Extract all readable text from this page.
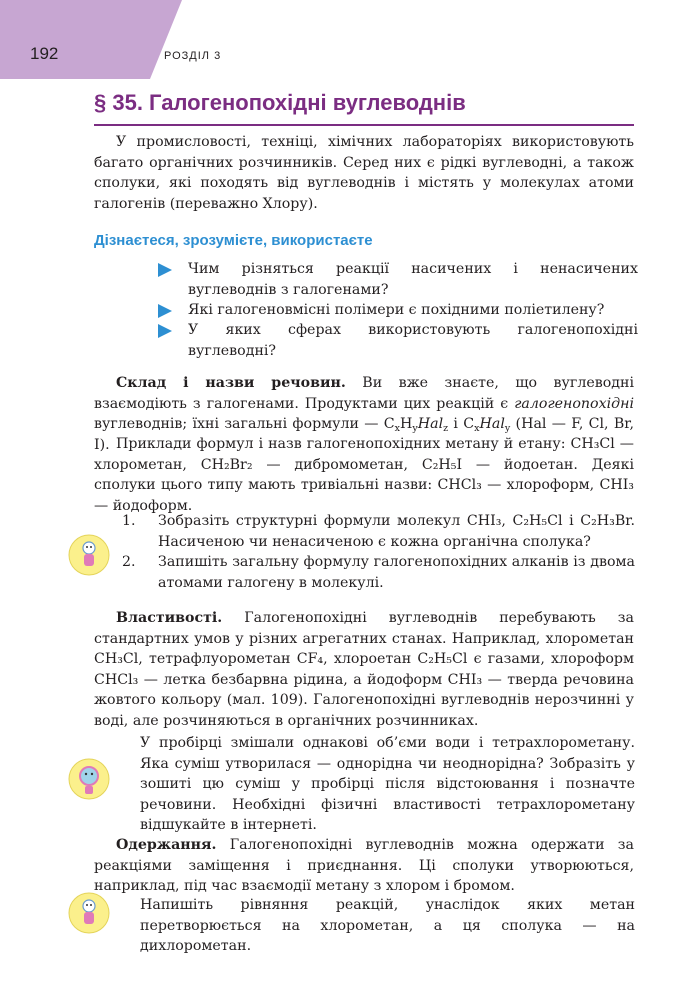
192	РОЗДІЛ 3
§ 35. Галогенопохідні вуглеводнів

У промисловості, техніці, хімічних лабораторіях використовують багато органічних розчинників. Серед них є рідкі вуглеводні, а також сполуки, які походять від вуглеводнів і містять у молекулах атоми галогенів (переважно Хлору).

Дізнаєтеся, зрозумієте, використаєте

Чим різняться реакції насичених і ненасичених вуглеводнів з галогенами?

Які галогеновмісні полімери є похідними поліетилену?

У яких сферах використовують галогенопохідні вуглеводні?

Склад і назви речовин. Ви вже знаєте, що вуглеводні взаємодіють з галогенами. Продуктами цих реакцій є галогенопохідні вуглеводнів; їхні загальні формули — $C_xH_yHal_z$ і $C_xHal_y$ (Hal — F, Cl, Br, I). Приклади формул і назв галогенопохідних метану й етану: CH₃Cl — хлорометан, CH₂Br₂ — дибромометан, C₂H₅I — йодоетан. Деякі сполуки цього типу мають тривіальні назви: CHCl₃ — хлороформ, CHI₃ — йодоформ.

1. Зобразіть структурні формули молекул CHI₃, C₂H₅Cl і C₂H₃Br. Насиченою чи ненасиченою є кожна органічна сполука?

2. Запишіть загальну формулу галогенопохідних алканів із двома атомами галогену в молекулі.

Властивості. Галогенопохідні вуглеводнів перебувають за стандартних умов у різних агрегатних станах. Наприклад, хлорометан CH₃Cl, тетрафлуорометан CF₄, хлороетан C₂H₅Cl є газами, хлороформ CHCl₃ — летка безбарвна рідина, а йодоформ CHI₃ — тверда речовина жовтого кольору (мал. 109). Галогенопохідні вуглеводнів нерозчинні у воді, але розчиняються в органічних розчинниках.

У пробірці змішали однакові об’єми води і тетрахлорометану. Яка суміш утворилася — однорідна чи неоднорідна? Зобразіть у зошиті цю суміш у пробірці після відстоювання і позначте речовини. Необхідні фізичні властивості тетрахлорометану відшукайте в інтернеті.

Одержання. Галогенопохідні вуглеводнів можна одержати за реакціями заміщення і приєднання. Ці сполуки утворюються, наприклад, під час взаємодії метану з хлором і бромом.

Напишіть рівняння реакцій, унаслідок яких метан перетворюється на хлорометан, а ця сполука — на дихлорометан.
